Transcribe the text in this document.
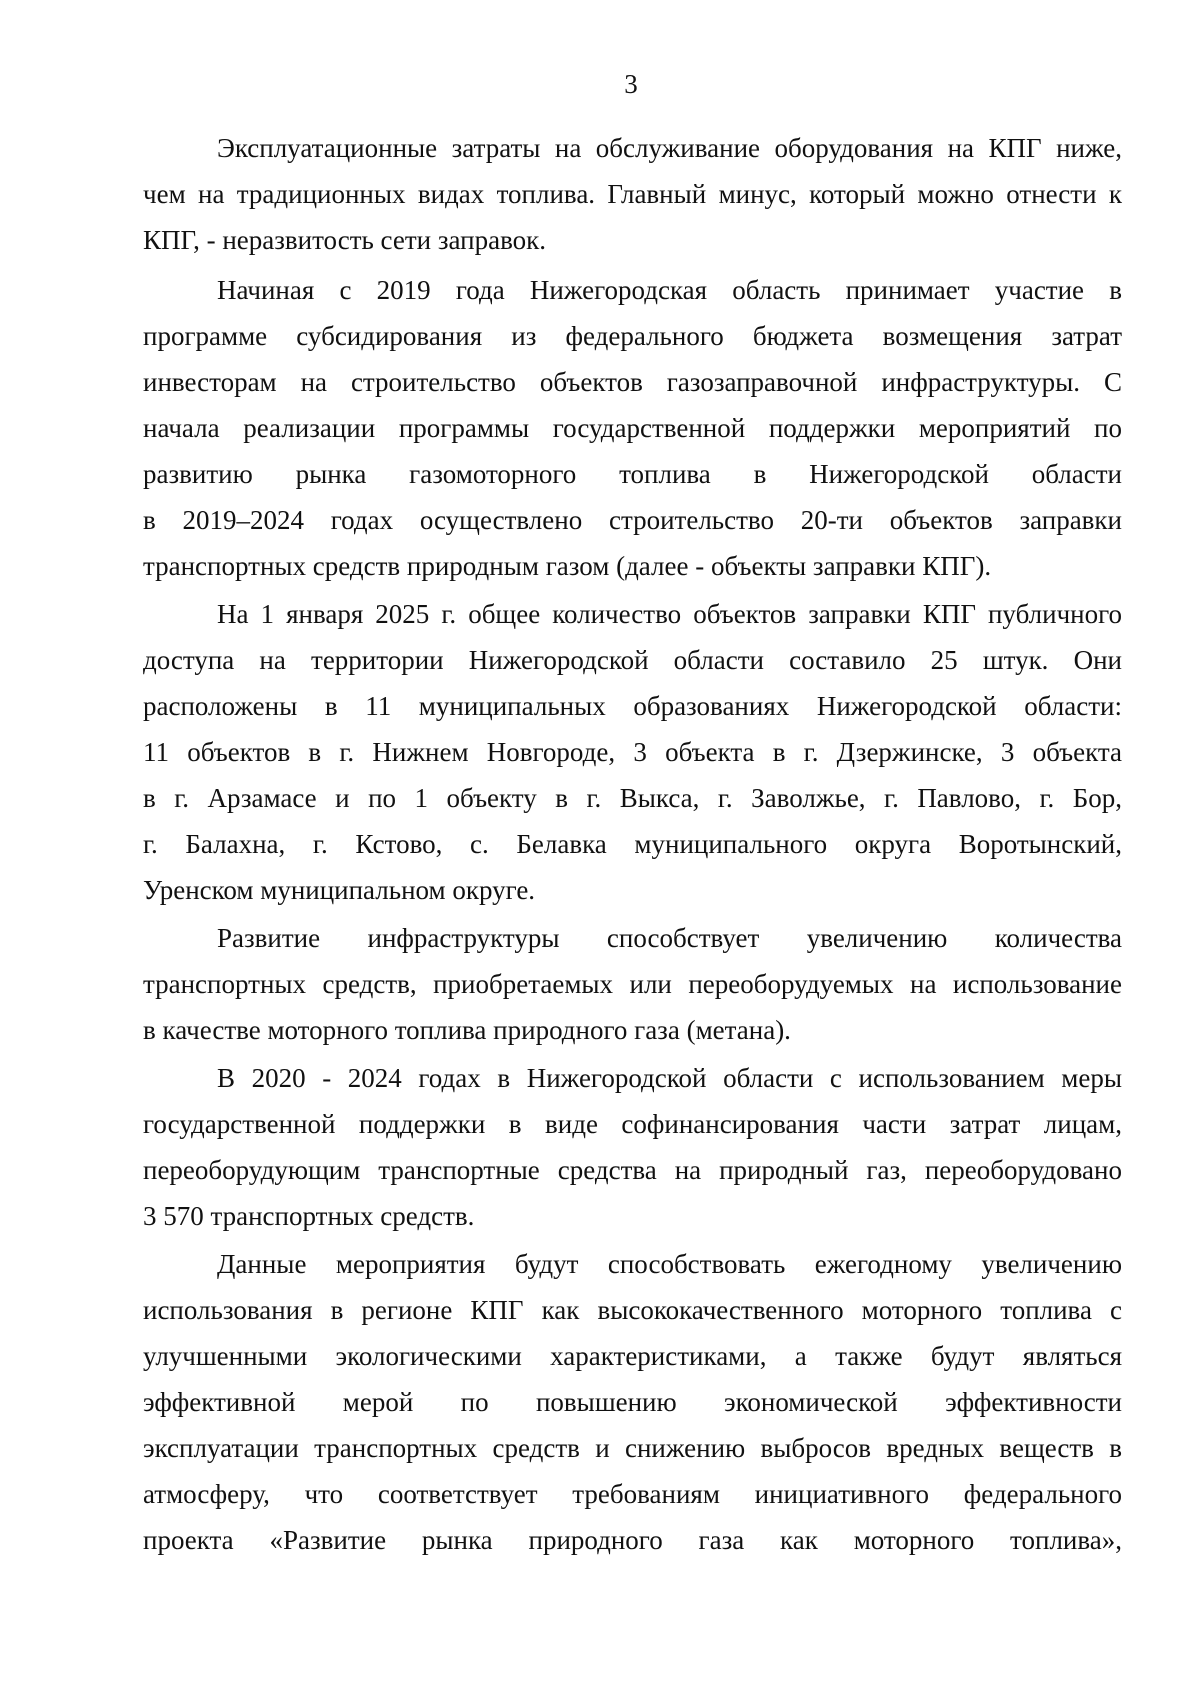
3
Эксплуатационные затраты на обслуживание оборудования на КПГ ниже,
чем на традиционных видах топлива. Главный минус, который можно отнести к
КПГ, - неразвитость сети заправок.
Начиная с 2019 года Нижегородская область принимает участие в
программе субсидирования из федерального бюджета возмещения затрат
инвесторам на строительство объектов газозаправочной инфраструктуры. С
начала реализации программы государственной поддержки мероприятий по
развитию рынка газомоторного топлива в Нижегородской области
в 2019–2024 годах осуществлено строительство 20-ти объектов заправки
транспортных средств природным газом (далее - объекты заправки КПГ).
На 1 января 2025 г. общее количество объектов заправки КПГ публичного
доступа на территории Нижегородской области составило 25 штук. Они
расположены в 11 муниципальных образованиях Нижегородской области:
11 объектов в г. Нижнем Новгороде, 3 объекта в г. Дзержинске, 3 объекта
в г. Арзамасе и по 1 объекту в г. Выкса, г. Заволжье, г. Павлово, г. Бор,
г. Балахна, г. Кстово, с. Белавка муниципального округа Воротынский,
Уренском муниципальном округе.
Развитие инфраструктуры способствует увеличению количества
транспортных средств, приобретаемых или переоборудуемых на использование
в качестве моторного топлива природного газа (метана).
В 2020 - 2024 годах в Нижегородской области с использованием меры
государственной поддержки в виде софинансирования части затрат лицам,
переоборудующим транспортные средства на природный газ, переоборудовано
3 570 транспортных средств.
Данные мероприятия будут способствовать ежегодному увеличению
использования в регионе КПГ как высококачественного моторного топлива с
улучшенными экологическими характеристиками, а также будут являться
эффективной мерой по повышению экономической эффективности
эксплуатации транспортных средств и снижению выбросов вредных веществ в
атмосферу, что соответствует требованиям инициативного федерального
проекта «Развитие рынка природного газа как моторного топлива»,
